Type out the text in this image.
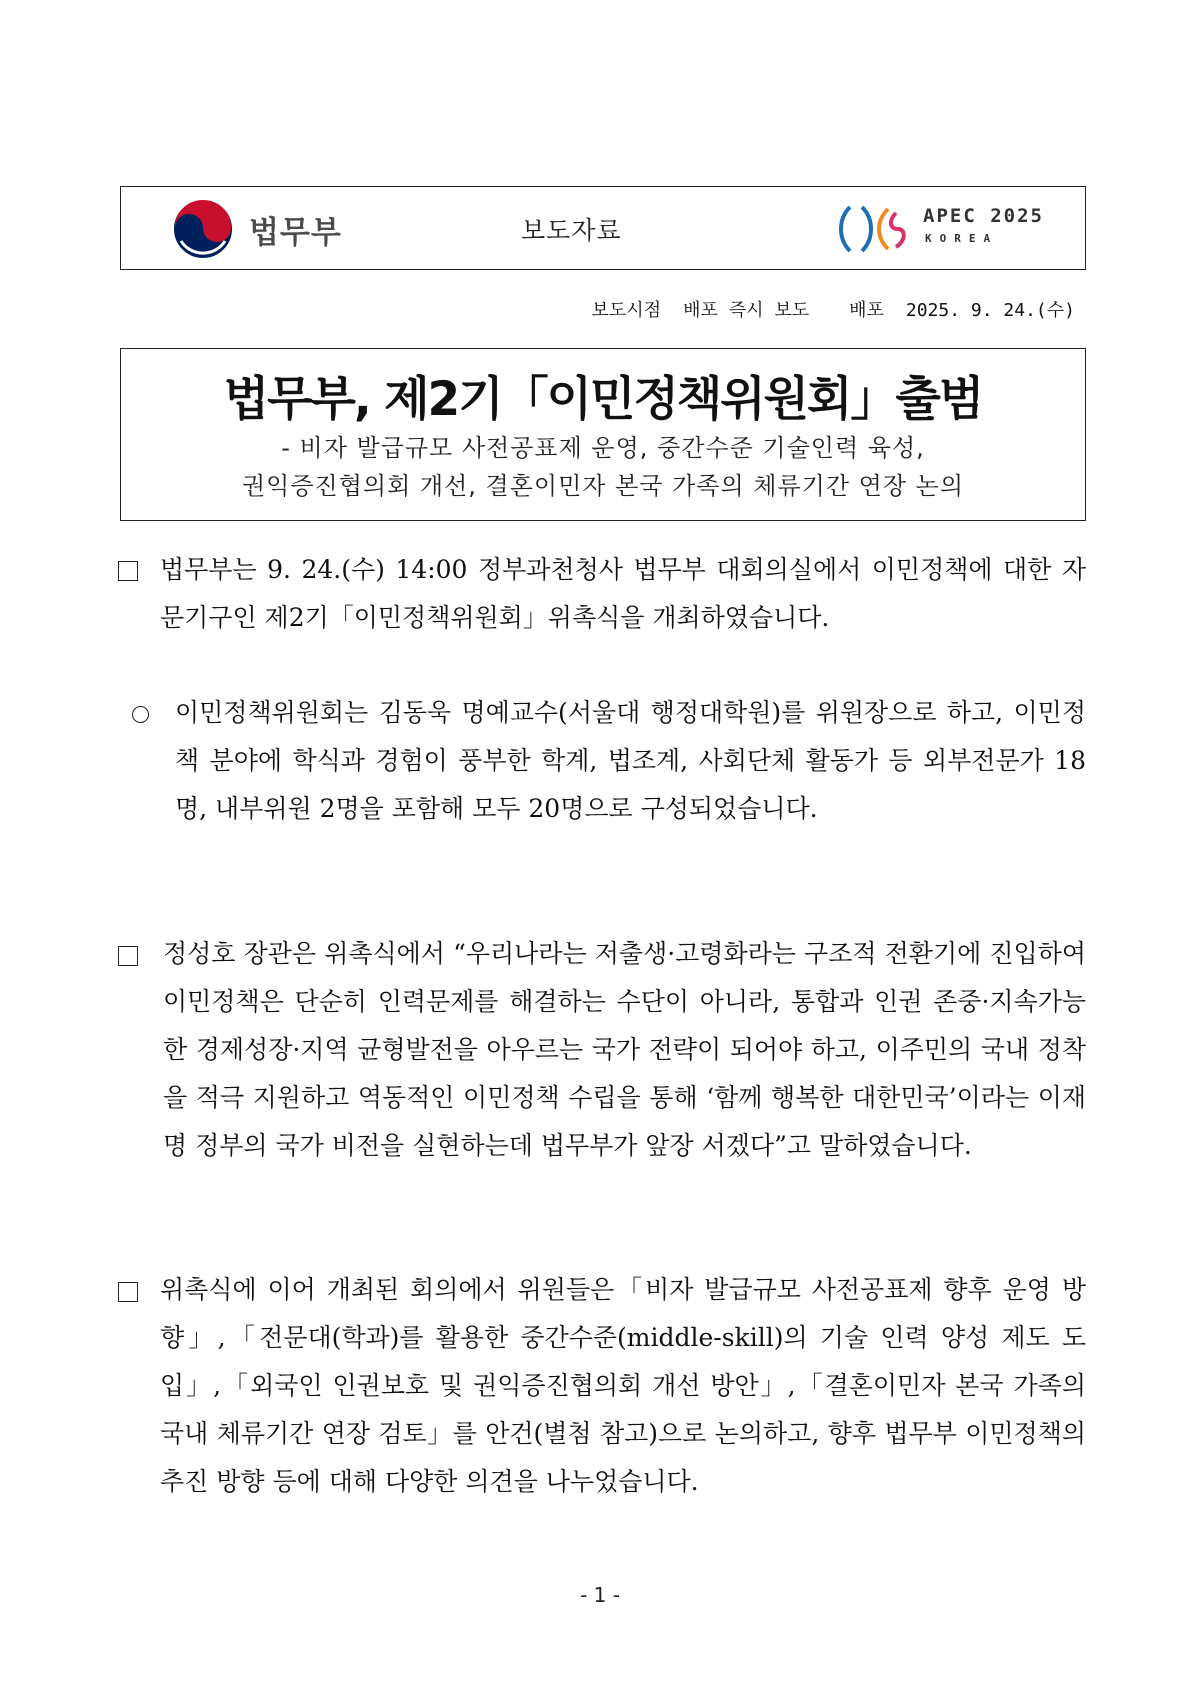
법무부	보도자료	APEC 2025
KOREA
보도시점 배포 즉시 보도 배포 2025. 9. 24.(수)
법무부, 제2기「이민정책위원회」출범
- 비자 발급규모 사전공표제 운영, 중간수준 기술인력 육성,
권익증진협의회 개선, 결혼이민자 본국 가족의 체류기간 연장 논의
법무부는 9. 24.(수) 14:00 정부과천청사 법무부 대회의실에서 이민정책에 대한 자문기구인 제2기「이민정책위원회」위촉식을 개최하였습니다.
이민정책위원회는 김동욱 명예교수(서울대 행정대학원)를 위원장으로 하고, 이민정책 분야에 학식과 경험이 풍부한 학계, 법조계, 사회단체 활동가 등 외부전문가 18명, 내부위원 2명을 포함해 모두 20명으로 구성되었습니다.
정성호 장관은 위촉식에서 “우리나라는 저출생·고령화라는 구조적 전환기에 진입하여 이민정책은 단순히 인력문제를 해결하는 수단이 아니라, 통합과 인권 존중·지속가능한 경제성장·지역 균형발전을 아우르는 국가 전략이 되어야 하고, 이주민의 국내 정착을 적극 지원하고 역동적인 이민정책 수립을 통해 ‘함께 행복한 대한민국’이라는 이재명 정부의 국가 비전을 실현하는데 법무부가 앞장 서겠다”고 말하였습니다.
위촉식에 이어 개최된 회의에서 위원들은「비자 발급규모 사전공표제 향후 운영 방향」,「전문대(학과)를 활용한 중간수준(middle-skill)의 기술 인력 양성 제도 도입」,「외국인 인권보호 및 권익증진협의회 개선 방안」,「결혼이민자 본국 가족의 국내 체류기간 연장 검토」를 안건(별첨 참고)으로 논의하고, 향후 법무부 이민정책의 추진 방향 등에 대해 다양한 의견을 나누었습니다.
- 1 -
